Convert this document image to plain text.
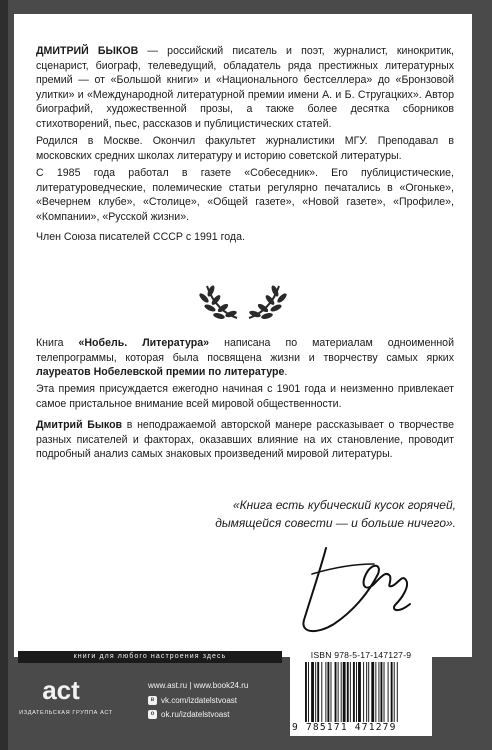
ДМИТРИЙ БЫКОВ — российский писатель и поэт, журналист, кинокритик, сценарист, биограф, телеведущий, обладатель ряда престижных литературных премий — от «Большой книги» и «Национального бестселлера» до «Бронзовой улитки» и «Международной литературной премии имени А. и Б. Стругацких». Автор биографий, художественной прозы, а также более десятка сборников стихотворений, пьес, рассказов и публицистических статей.
Родился в Москве. Окончил факультет журналистики МГУ. Преподавал в московских средних школах литературу и историю советской литературы.
С 1985 года работал в газете «Собеседник». Его публицистические, литературоведческие, полемические статьи регулярно печатались в «Огоньке», «Вечернем клубе», «Столице», «Общей газете», «Новой газете», «Профиле», «Компании», «Русской жизни».
Член Союза писателей СССР с 1991 года.
Книга «Нобель. Литература» написана по материалам одноименной телепрограммы, которая была посвящена жизни и творчеству самых ярких лауреатов Нобелевской премии по литературе.
Эта премия присуждается ежегодно начиная с 1901 года и неизменно привлекает самое пристальное внимание всей мировой общественности.
Дмитрий Быков в неподражаемой авторской манере рассказывает о творчестве разных писателей и факторах, оказавших влияние на их становление, проводит подробный анализ самых знаковых произведений мировой литературы.
«Книга есть кубический кусок горячей,
дымящейся совести — и больше ничего».
книги для любого настроения здесь
act
ИЗДАТЕЛЬСКАЯ ГРУППА АСТ
www.ast.ru | www.book24.ru
в vk.com/izdatelstvoast
о ok.ru/izdatelstvoast
ISBN 978-5-17-147127-9
9 785171 471279
